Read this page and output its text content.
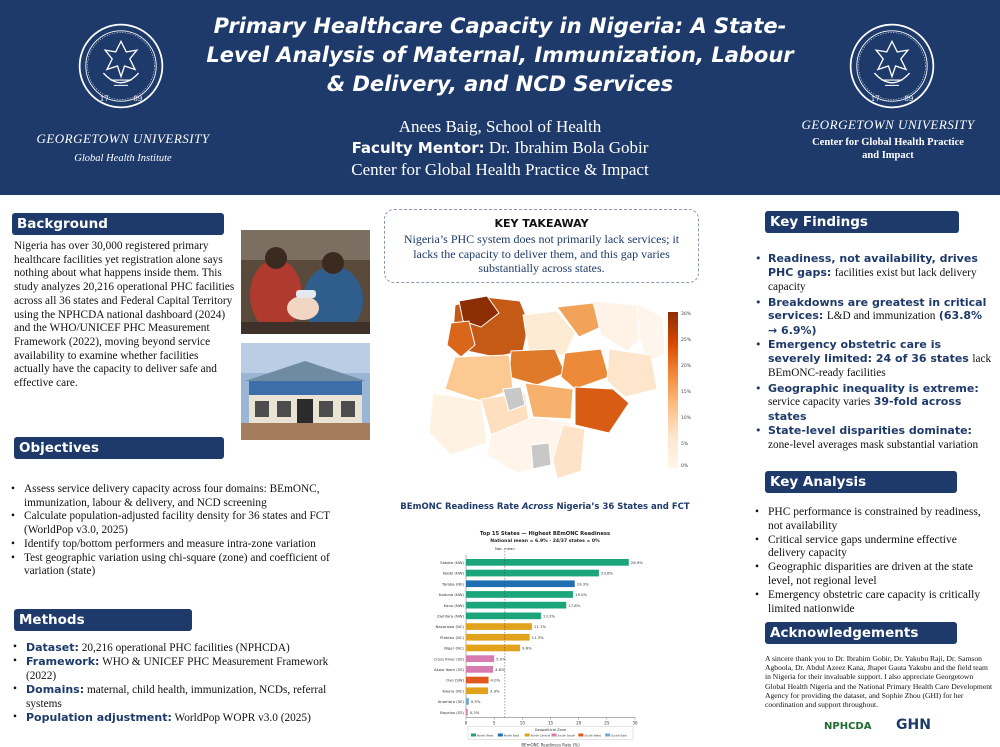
17	89	17	89
GEORGETOWN UNIVERSITY
Global Health Institute
GEORGETOWN UNIVERSITY
Center for Global Health Practice and Impact
Primary Healthcare Capacity in Nigeria: A State-Level Analysis of Maternal, Immunization, Labour & Delivery, and NCD Services
Anees Baig, School of Health
Faculty Mentor: Dr. Ibrahim Bola Gobir
Center for Global Health Practice & Impact
Background
Nigeria has over 30,000 registered primary healthcare facilities yet registration alone says nothing about what happens inside them. This study analyzes 20,216 operational PHC facilities across all 36 states and Federal Capital Territory using the NPHCDA national dashboard (2024) and the WHO/UNICEF PHC Measurement Framework (2022), moving beyond service availability to examine whether facilities actually have the capacity to deliver safe and effective care.
Objectives
• Assess service delivery capacity across four domains: BEmONC, immunization, labour & delivery, and NCD screening
• Calculate population-adjusted facility density for 36 states and FCT (WorldPop v3.0, 2025)
• Identify top/bottom performers and measure intra-zone variation
• Test geographic variation using chi-square (zone) and coefficient of variation (state)
Methods
• Dataset: 20,216 operational PHC facilities (NPHCDA)
• Framework: WHO & UNICEF PHC Measurement Framework (2022)
• Domains: maternal, child health, immunization, NCDs, referral systems
• Population adjustment: WorldPop WOPR v3.0 (2025)
KEY TAKEAWAY
Nigeria’s PHC system does not primarily lack services; it lacks the capacity to deliver them, and this gap varies substantially across states.
30%
25%
20%
15%
10%
5%
0%
BEmONC Readiness Rate Across Nigeria’s 36 States and FCT
Top 15 States — Highest BEmONC Readiness
National mean = 6.9% · 24/37 states = 0%
Sokoto (NW)	28.9%
Kebbi (NW)	23.6%
Taraba (NE)	19.3%
Kaduna (NW)	19.0%
Kano (NW)	17.8%
Zamfara (NW)	13.3%
Nasarawa (NC)	11.7%
Plateau (NC)	11.3%
Niger (NC)	9.6%
Cross River (SS)	5.0%
Akwa Ibom (SS)	4.8%
Oyo (SW)	4.0%
Kwara (NC)	3.9%
Anambra (SE) 0.5%
Bayelsa (SS) 0.3%
Nat. mean
0	5	10	15	20	25	30
Geopolitical Zone
North West	North East	North Central	South South	South West	South East
BEmONC Readiness Rate (%)
Key Findings
• Readiness, not availability, drives PHC gaps: facilities exist but lack delivery capacity
• Breakdowns are greatest in critical services: L&D and immunization (63.8% → 6.9%)
• Emergency obstetric care is severely limited: 24 of 36 states lack BEmONC-ready facilities
• Geographic inequality is extreme: service capacity varies 39-fold across states
• State-level disparities dominate: zone-level averages mask substantial variation
Key Analysis
• PHC performance is constrained by readiness, not availability
• Critical service gaps undermine effective delivery capacity
• Geographic disparities are driven at the state level, not regional level
• Emergency obstetric care capacity is critically limited nationwide
Acknowledgements
A sincere thank you to Dr. Ibrahim Gobir, Dr. Yakubu Raji, Dr. Samson Agboola, Dr. Abdul Azeez Kana, Jhapet Gauta Yakubu and the field team in Nigeria for their invaluable support. I also appreciate Georgetown Global Health Nigeria and the National Primary Health Care Development Agency for providing the dataset, and Sophie Zhou (GHI) for her coordination and support throughout.
NPHCDA GHN
